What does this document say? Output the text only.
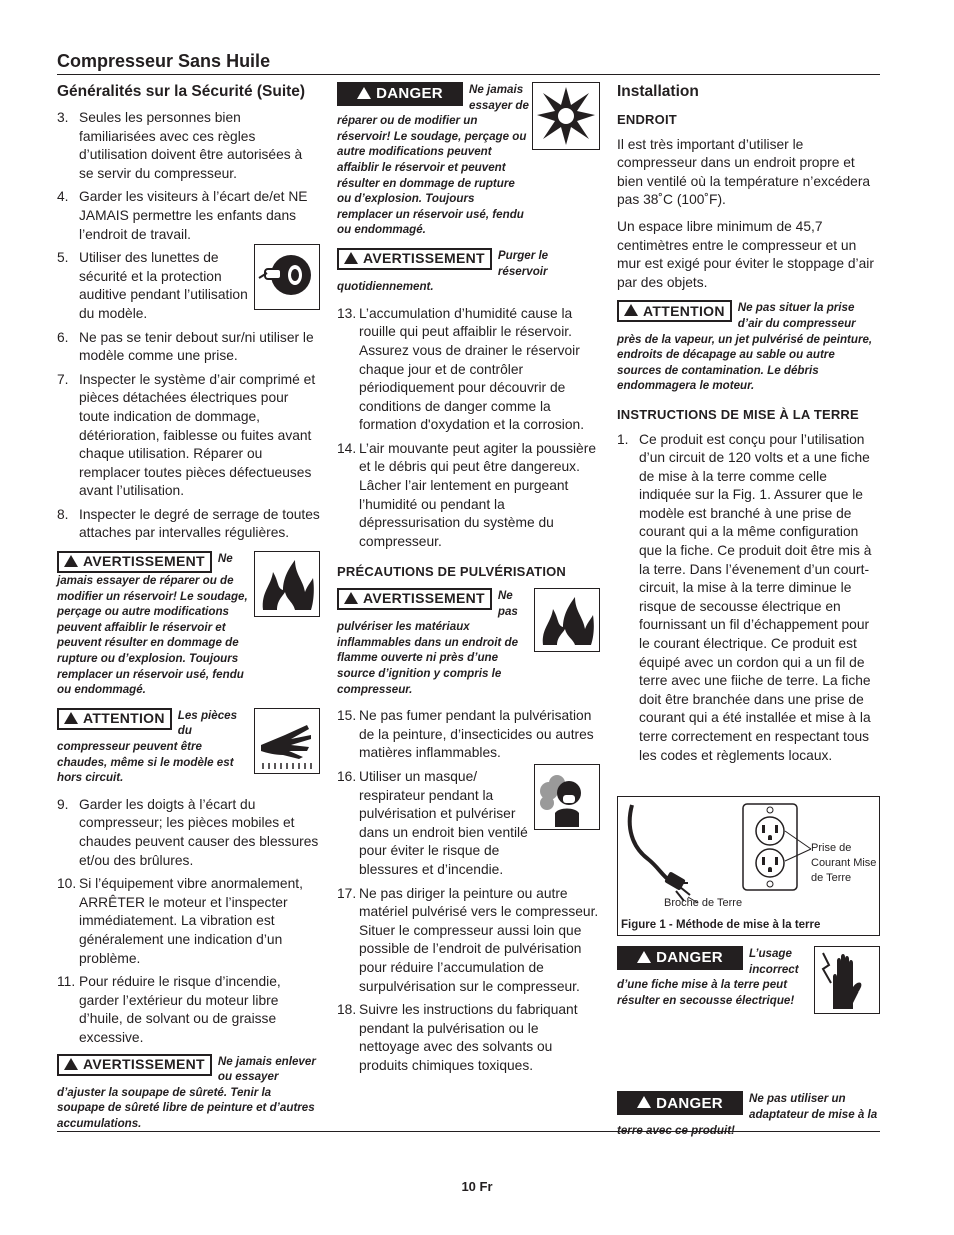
Compresseur Sans Huile
Généralités sur la Sécurité (Suite)
3. Seules les personnes bien familiarisées avec ces règles d’utilisation doivent être autorisées à se servir du compresseur.
4. Garder les visiteurs à l’écart de/et NE JAMAIS permettre les enfants dans l’endroit de travail.
5. Utiliser des lunettes de sécurité et la protection auditive pendant l’utilisation du modèle.
6. Ne pas se tenir debout sur/ni utiliser le modèle comme une prise.
7. Inspecter le système d’air comprimé et pièces détachées électriques pour toute indication de dommage, détérioration, faiblesse ou fuites avant chaque utilisation. Réparer ou remplacer toutes pièces défectueuses avant l’utilisation.
8. Inspecter le degré de serrage de toutes attaches par intervalles régulières.
AVERTISSEMENT Ne jamais essayer de réparer ou de modifier un réservoir! Le soudage, perçage ou autre modifications peuvent affaiblir le réservoir et peuvent résulter en dommage de rupture ou d’explosion. Toujours remplacer un réservoir usé, fendu ou endommagé.
ATTENTION Les pièces du compresseur peuvent être chaudes, même si le modèle est hors circuit.
9. Garder les doigts à l’écart du compresseur; les pièces mobiles et chaudes peuvent causer des blessures et/ou des brûlures.
10. Si l’équipement vibre anormalement, ARRÊTER le moteur et l’inspecter immédiatement. La vibration est généralement une indication d’un problème.
11. Pour réduire le risque d’incendie, garder l’extérieur du moteur libre d’huile, de solvant ou de graisse excessive.
AVERTISSEMENT Ne jamais enlever ou essayer d’ajuster la soupape de sûreté. Tenir la soupape de sûreté libre de peinture et d’autres accumulations.
DANGER Ne jamais essayer de réparer ou de modifier un réservoir! Le soudage, perçage ou autre modifications peuvent affaiblir le réservoir et peuvent résulter en dommage de rupture ou d’explosion. Toujours remplacer un réservoir usé, fendu ou endommagé.
AVERTISSEMENT Purger le réservoir quotidiennement.
13. L’accumulation d’humidité cause la rouille qui peut affaiblir le réservoir. Assurez vous de drainer le réservoir chaque jour et de contrôler périodiquement pour découvrir de conditions de danger comme la formation d'oxydation et la corrosion.
14. L’air mouvante peut agiter la poussière et le débris qui peut être dangereux. Lâcher l’air lentement en purgeant l’humidité ou pendant la dépressurisation du système du compresseur.
PRÉCAUTIONS DE PULVÉRISATION
AVERTISSEMENT Ne pas pulvériser les matériaux inflammables dans un endroit de flamme ouverte ni près d’une source d’ignition y compris le compresseur.
15. Ne pas fumer pendant la pulvérisation de la peinture, d’insecticides ou autres matières inflammables.
16. Utiliser un masque/ respirateur pendant la pulvérisation et pulvériser dans un endroit bien ventilé pour éviter le risque de blessures et d’incendie.
17. Ne pas diriger la peinture ou autre matériel pulvérisé vers le compresseur. Situer le compresseur aussi loin que possible de l’endroit de pulvérisation pour réduire l’accumulation de surpulvérisation sur le compresseur.
18. Suivre les instructions du fabriquant pendant la pulvérisation ou le nettoyage avec des solvants ou produits chimiques toxiques.
Installation
ENDROIT

Il est très important d’utiliser le compresseur dans un endroit propre et bien ventilé où la température n’excédera pas 38˚C (100˚F).

Un espace libre minimum de 45,7 centimètres entre le compresseur et un mur est exigé pour éviter le stoppage d’air par des objets.

ATTENTION Ne pas situer la prise d’air du compresseur près de la vapeur, un jet pulvérisé de peinture, endroits de décapage au sable ou autre sources de contamination. Le débris endommagera le moteur.
INSTRUCTIONS DE MISE À LA TERRE
1. Ce produit est conçu pour l’utilisation d’un circuit de 120 volts et a une fiche de mise à la terre comme celle indiquée sur la Fig. 1. Assurer que le modèle est branché à une prise de courant qui a la même configuration que la fiche. Ce produit doit être mis à la terre. Dans l’évenement d’un court-circuit, la mise à la terre diminue le risque de secousse électrique en fournissant un fil d’échappement pour le courant électrique. Ce produit est équipé avec un cordon qui a un fil de terre avec une fiiche de terre. La fiche doit être branchée dans une prise de courant qui a été installée et mise à la terre correctement en respectant tous les codes et règlements locaux.
Prise de Courant Mise de Terre
Broche de Terre
Figure 1 - Méthode de mise à la terre
DANGER L’usage incorrect d’une fiche mise à la terre peut résulter en secousse électrique!
DANGER Ne pas utiliser un adaptateur de mise à la terre avec ce produit!
10 Fr
